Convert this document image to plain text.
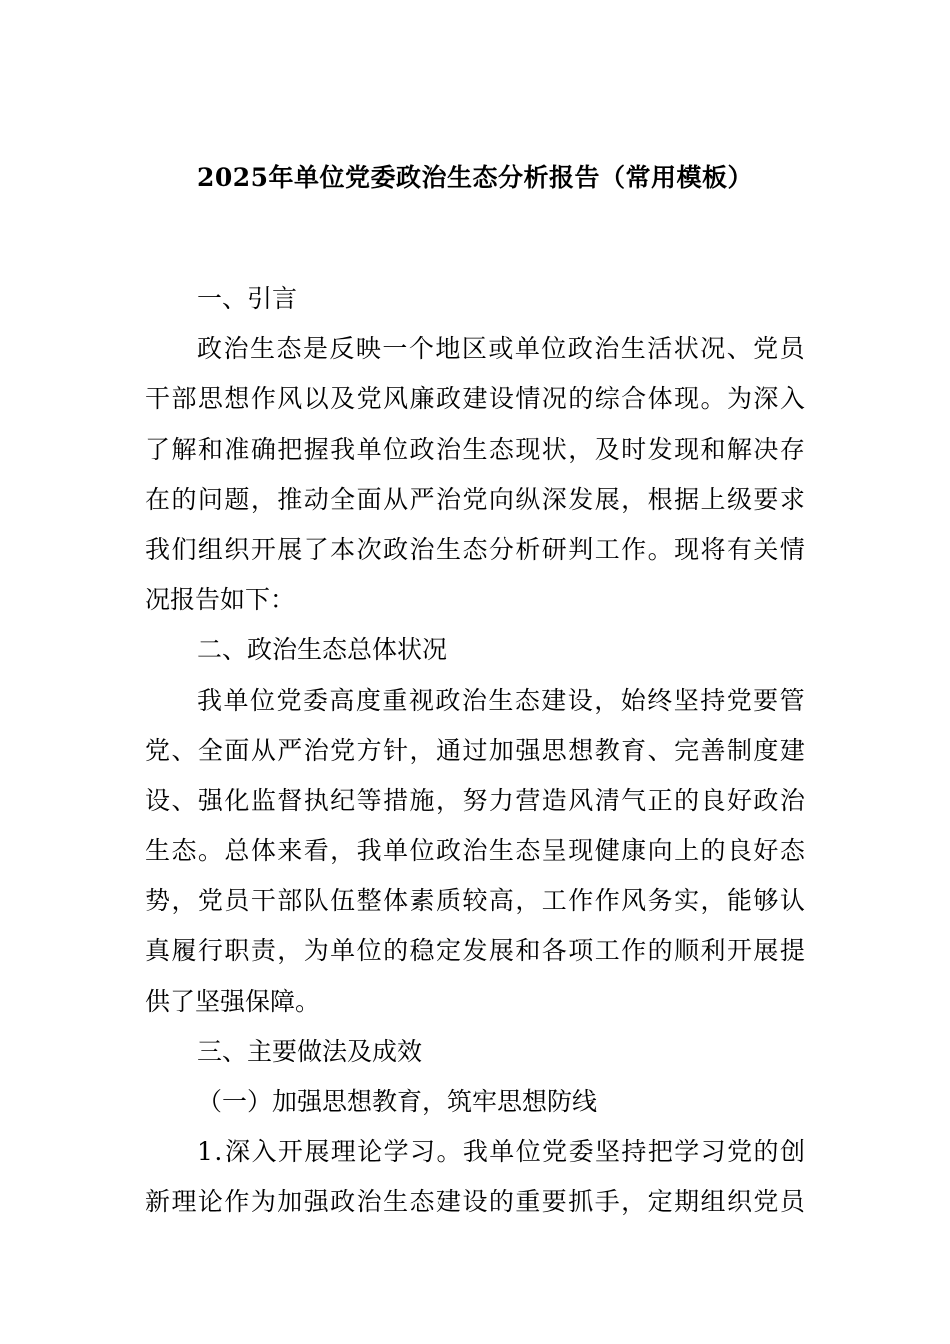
2025年单位党委政治生态分析报告（常用模板）
一、引言
政 治 生 态 是 反 映 一 个 地 区 或 单 位 政 治 生 活 状 况 、 党 员
干 部 思 想 作 风 以 及 党 风 廉 政 建 设 情 况 的 综 合 体 现 。 为 深 入
了 解 和 准 确 把 握 我 单 位 政 治 生 态 现 状 ， 及 时 发 现 和 解 决 存
在 的 问 题 ， 推 动 全 面 从 严 治 党 向 纵 深 发 展 ， 根 据 上 级 要 求
我 们 组 织 开 展 了 本 次 政 治 生 态 分 析 研 判 工 作 。 现 将 有 关 情
况报告如下：
二、政治生态总体状况
我 单 位 党 委 高 度 重 视 政 治 生 态 建 设 ， 始 终 坚 持 党 要 管
党 、 全 面 从 严 治 党 方 针 ， 通 过 加 强 思 想 教 育 、 完 善 制 度 建
设 、 强 化 监 督 执 纪 等 措 施 ， 努 力 营 造 风 清 气 正 的 良 好 政 治
生 态 。 总 体 来 看 ， 我 单 位 政 治 生 态 呈 现 健 康 向 上 的 良 好 态
势 ， 党 员 干 部 队 伍 整 体 素 质 较 高 ， 工 作 作 风 务 实 ， 能 够 认
真 履 行 职 责 ， 为 单 位 的 稳 定 发 展 和 各 项 工 作 的 顺 利 开 展 提
供了坚强保障。
三、主要做法及成效
（一）加强思想教育，筑牢思想防线
1 . 深 入 开 展 理 论 学 习 。 我 单 位 党 委 坚 持 把 学 习 党 的 创
新 理 论 作 为 加 强 政 治 生 态 建 设 的 重 要 抓 手 ， 定 期 组 织 党 员
